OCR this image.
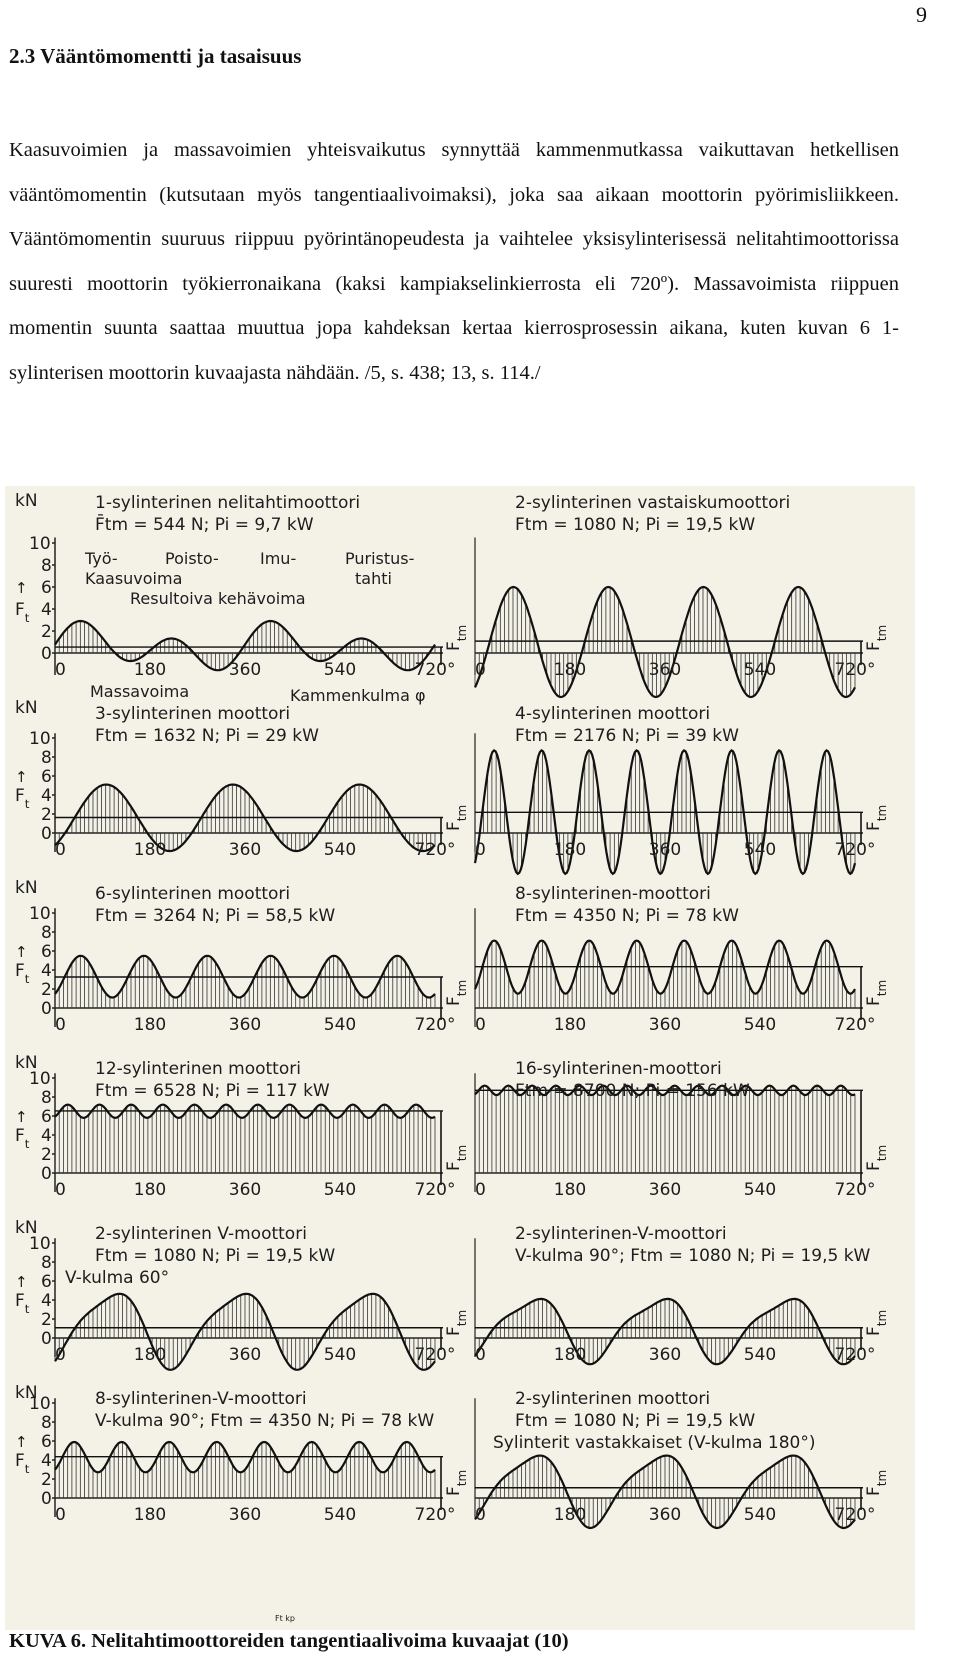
9
2.3 Vääntömomentti ja tasaisuus

Kaasuvoimien ja massavoimien yhteisvaikutus synnyttää kammenmutkassa vaikuttavan hetkellisen vääntömomentin (kutsutaan myös tangentiaalivoimaksi), joka saa aikaan moottorin pyörimisliikkeen. Vääntömomentin suuruus riippuu pyörintänopeudesta ja vaihtelee yksisylinterisessä nelitahtimoottorissa suuresti moottorin työkierronaikana (kaksi kampiakselinkierrosta eli 720º). Massavoimista riippuen momentin suunta saattaa muuttua jopa kahdeksan kertaa kierrosprosessin aikana, kuten kuvan 6 1-sylinterisen moottorin kuvaajasta nähdään. /5, s. 438; 13, s. 114./

kN
0
2
$F_t$ 4
↑ 6
8
10
$F_{tm}$
0	180	360	540	720°
1-sylinterinen nelitahtimoottori
F̄tm = 544 N; Pi = 9,7 kW
Työ-	Poisto-	Imu-	Puristus-
tahti
Kaasuvoima
Resultoiva kehävoima
Massavoima	Kammenkulma φ
$F_{tm}$
0	180	360	540	720°
2-sylinterinen vastaiskumoottori
Ftm = 1080 N; Pi = 19,5 kW
kN
0
2
$F_t$ 4
↑ 6
8
10
$F_{tm}$
0	180	360	540	720°
3-sylinterinen moottori
Ftm = 1632 N; Pi = 29 kW
$F_{tm}$
0	180	360	540	720°
4-sylinterinen moottori
Ftm = 2176 N; Pi = 39 kW
kN
0
2
$F_t$ 4
↑ 6
8
10
$F_{tm}$
0	180	360	540	720°
6-sylinterinen moottori
Ftm = 3264 N; Pi = 58,5 kW
$F_{tm}$
0	180	360	540	720°
8-sylinterinen-moottori
Ftm = 4350 N; Pi = 78 kW
kN
0
2
$F_t$ 4
↑ 6
8
10
$F_{tm}$
0	180	360	540	720°
12-sylinterinen moottori
Ftm = 6528 N; Pi = 117 kW
$F_{tm}$
0	180	360	540	720°
16-sylinterinen-moottori
Ftm = 8700 N; Pi = 156 kW
kN
0
2
$F_t$ 4
↑ 6
8
10
$F_{tm}$
0	180	360	540	720°
2-sylinterinen V-moottori
Ftm = 1080 N; Pi = 19,5 kW
V-kulma 60°
$F_{tm}$
0	180	360	540	720°
2-sylinterinen-V-moottori
V-kulma 90°; Ftm = 1080 N; Pi = 19,5 kW
kN
0
2
$F_t$ 4
↑ 6
8
10
$F_{tm}$
0	180	360	540	720°
8-sylinterinen-V-moottori
V-kulma 90°; Ftm = 4350 N; Pi = 78 kW
$F_{tm}$
0	180	360	540	720°
2-sylinterinen moottori
Ftm = 1080 N; Pi = 19,5 kW
Sylinterit vastakkaiset (V-kulma 180°)
Ft kp
KUVA 6. Nelitahtimoottoreiden tangentiaalivoima kuvaajat (10)
